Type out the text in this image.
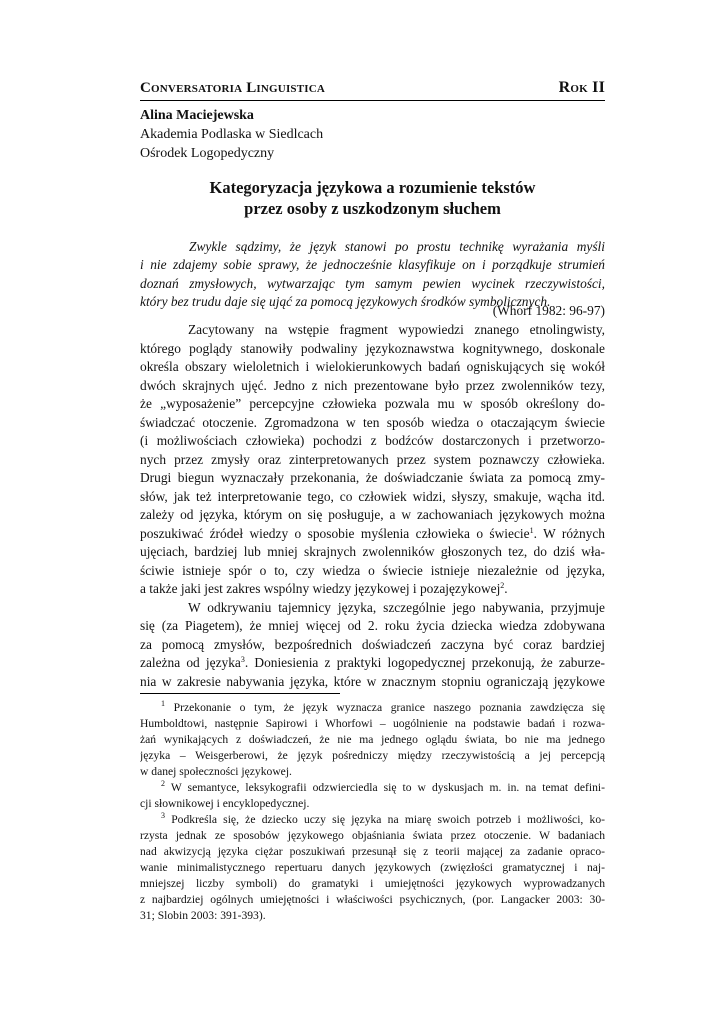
Conversatoria Linguistica	Rok II
Alina Maciejewska
Akademia Podlaska w Siedlcach
Ośrodek Logopedyczny
Kategoryzacja językowa a rozumienie tekstów
przez osoby z uszkodzonym słuchem
Zwykle sądzimy, że język stanowi po prostu technikę wyrażania myśli
i nie zdajemy sobie sprawy, że jednocześnie klasyfikuje on i porządkuje strumień
doznań zmysłowych, wytwarzając tym samym pewien wycinek rzeczywistości,
który bez trudu daje się ująć za pomocą językowych środków symbolicznych.
(Whorf 1982: 96-97)
Zacytowany na wstępie fragment wypowiedzi znanego etnolingwisty,
którego poglądy stanowiły podwaliny językoznawstwa kognitywnego, doskonale
określa obszary wieloletnich i wielokierunkowych badań ogniskujących się wokół
dwóch skrajnych ujęć. Jedno z nich prezentowane było przez zwolenników tezy,
że „wyposażenie” percepcyjne człowieka pozwala mu w sposób określony do-
świadczać otoczenie. Zgromadzona w ten sposób wiedza o otaczającym świecie
(i możliwościach człowieka) pochodzi z bodźców dostarczonych i przetworzo-
nych przez zmysły oraz zinterpretowanych przez system poznawczy człowieka.
Drugi biegun wyznaczały przekonania, że doświadczanie świata za pomocą zmy-
słów, jak też interpretowanie tego, co człowiek widzi, słyszy, smakuje, wącha itd.
zależy od języka, którym on się posługuje, a w zachowaniach językowych można
poszukiwać źródeł wiedzy o sposobie myślenia człowieka o świecie$^1$. W różnych
ujęciach, bardziej lub mniej skrajnych zwolenników głoszonych tez, do dziś wła-
ściwie istnieje spór o to, czy wiedza o świecie istnieje niezależnie od języka,
a także jaki jest zakres wspólny wiedzy językowej i pozajęzykowej$^2$.
W odkrywaniu tajemnicy języka, szczególnie jego nabywania, przyjmuje
się (za Piagetem), że mniej więcej od 2. roku życia dziecka wiedza zdobywana
za pomocą zmysłów, bezpośrednich doświadczeń zaczyna być coraz bardziej
zależna od języka$^3$. Doniesienia z praktyki logopedycznej przekonują, że zaburze-
nia w zakresie nabywania języka, które w znacznym stopniu ograniczają językowe
$^1$ Przekonanie o tym, że język wyznacza granice naszego poznania zawdzięcza się
Humboldtowi, następnie Sapirowi i Whorfowi – uogólnienie na podstawie badań i rozwa-
żań wynikających z doświadczeń, że nie ma jednego oglądu świata, bo nie ma jednego
języka – Weisgerberowi, że język pośredniczy między rzeczywistością a jej percepcją
w danej społeczności językowej.
$^2$ W semantyce, leksykografii odzwierciedla się to w dyskusjach m. in. na temat defini-
cji słownikowej i encyklopedycznej.
$^3$ Podkreśla się, że dziecko uczy się języka na miarę swoich potrzeb i możliwości, ko-
rzysta jednak ze sposobów językowego objaśniania świata przez otoczenie. W badaniach
nad akwizycją języka ciężar poszukiwań przesunął się z teorii mającej za zadanie opraco-
wanie minimalistycznego repertuaru danych językowych (zwięzłości gramatycznej i naj-
mniejszej liczby symboli) do gramatyki i umiejętności językowych wyprowadzanych
z najbardziej ogólnych umiejętności i właściwości psychicznych, (por. Langacker 2003: 30-
31; Slobin 2003: 391-393).
